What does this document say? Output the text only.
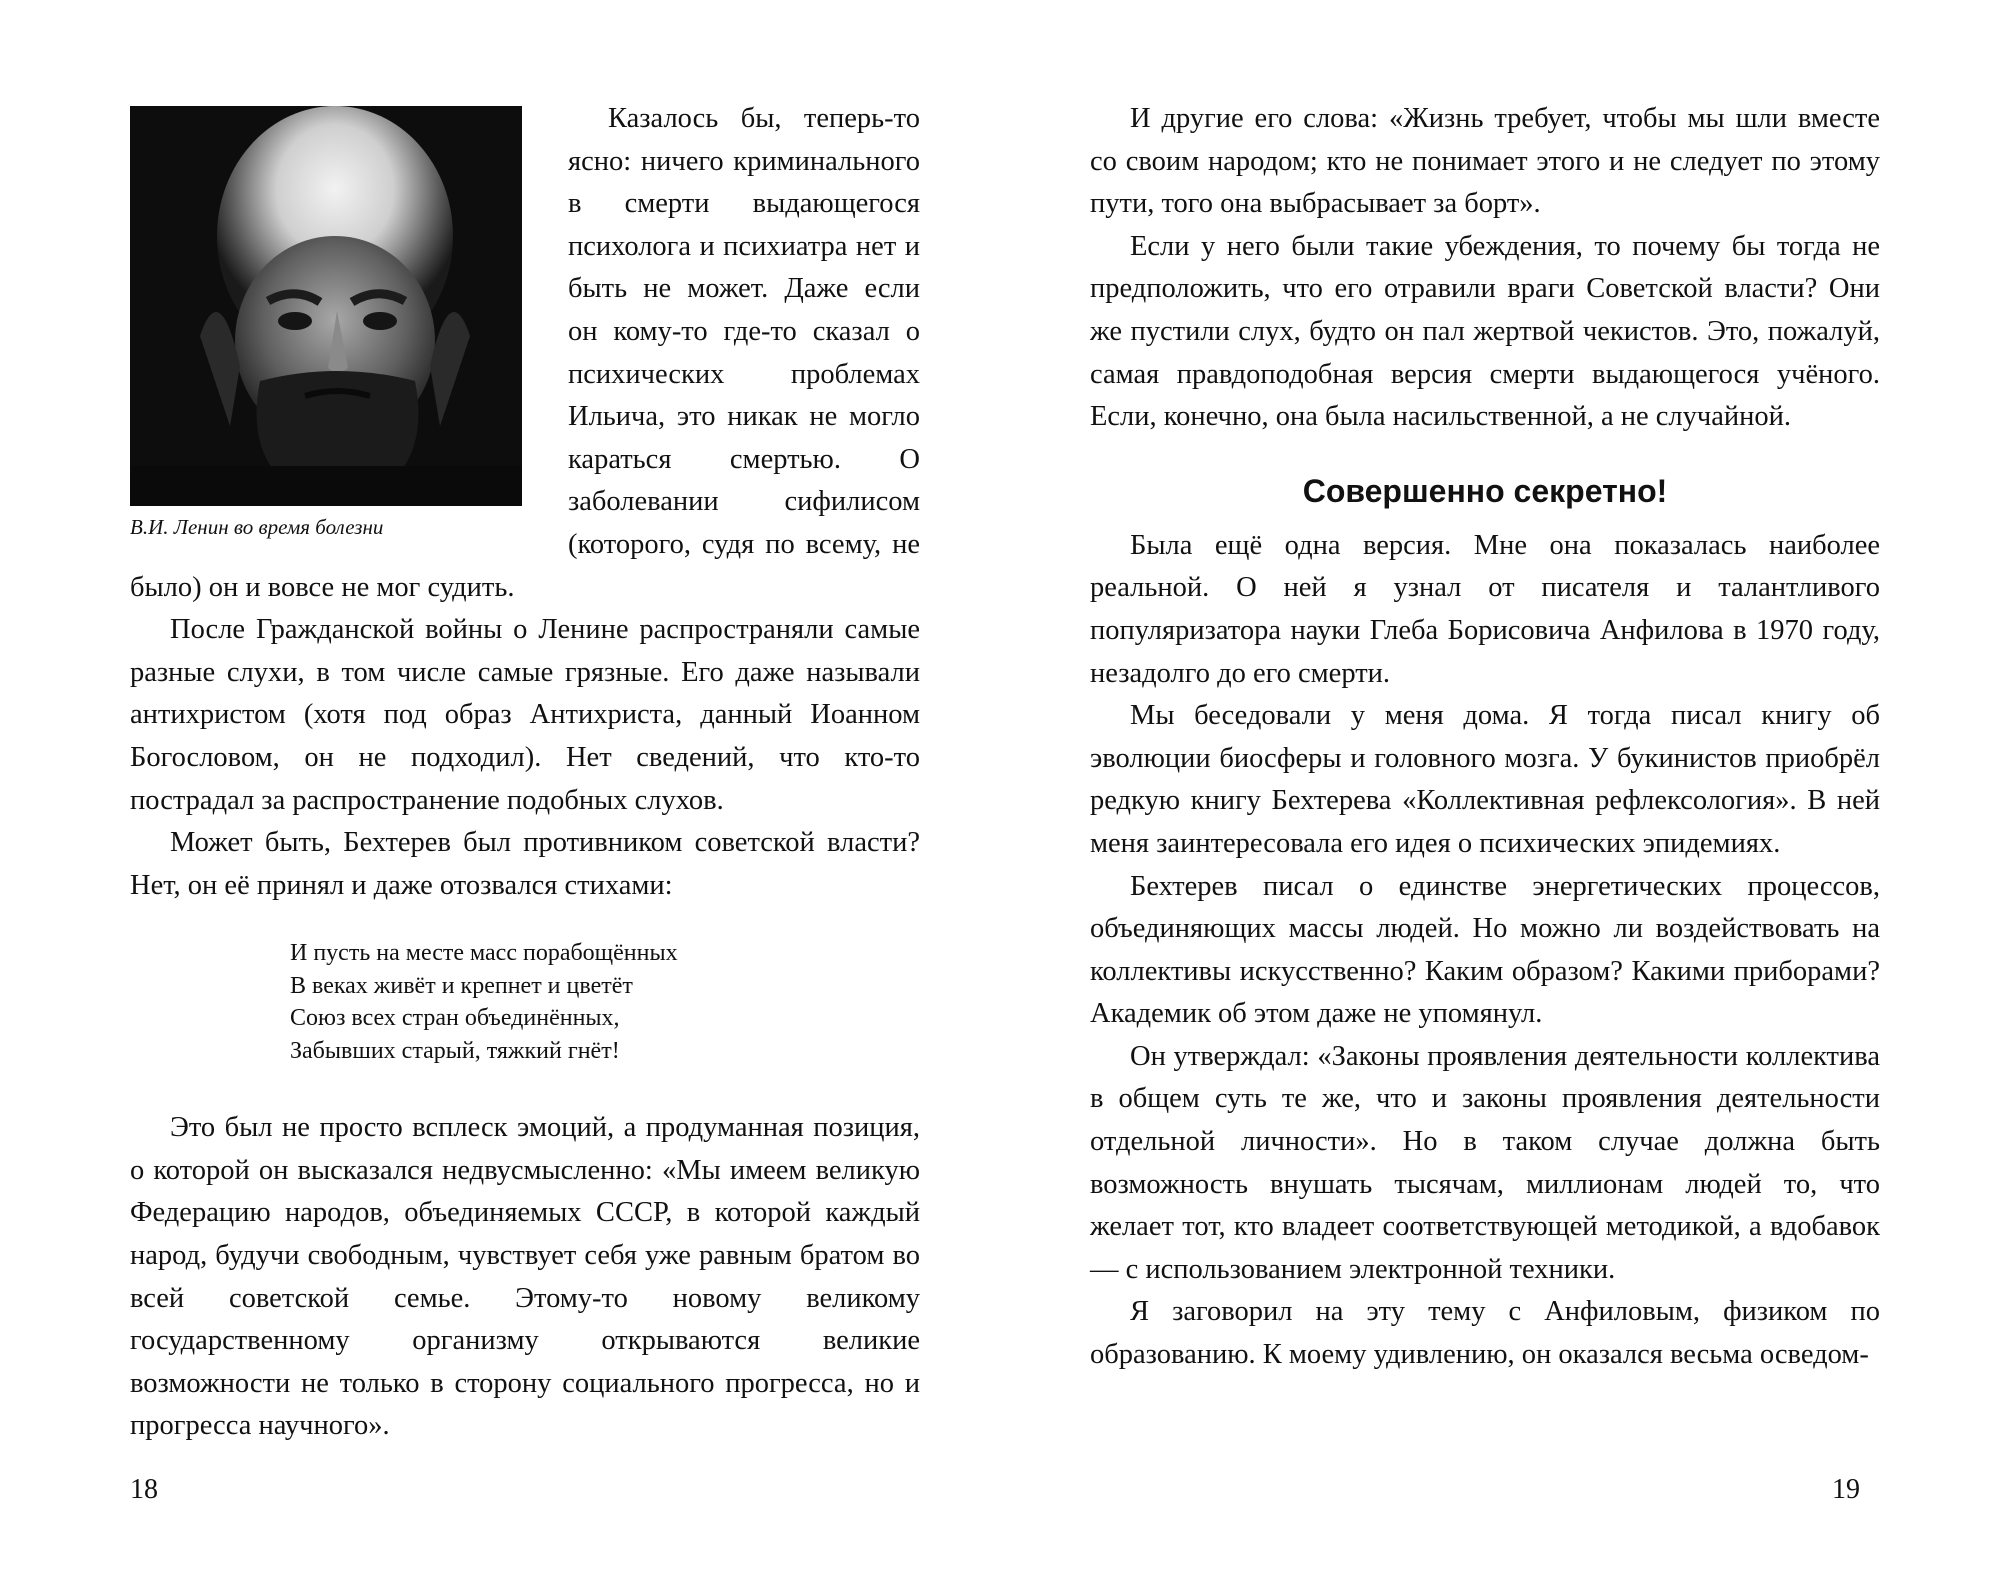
В.И. Ленин во время болезни

Казалось бы, теперь-то ясно: ничего криминального в смерти выдающегося психолога и психиатра нет и быть не может. Даже если он кому-то где-то сказал о психических проблемах Ильича, это никак не могло караться смертью. О заболевании сифилисом (которого, судя по всему, не было) он и вовсе не мог судить.

После Гражданской войны о Ленине распространяли самые разные слухи, в том числе самые грязные. Его даже называли антихристом (хотя под образ Антихриста, данный Иоанном Богословом, он не подходил). Нет сведений, что кто-то пострадал за распространение подобных слухов.

Может быть, Бехтерев был противником советской власти? Нет, он её принял и даже отозвался стихами:

И пусть на месте масс порабощённых
В веках живёт и крепнет и цветёт
Союз всех стран объединённых,
Забывших старый, тяжкий гнёт!

Это был не просто всплеск эмоций, а продуманная позиция, о которой он высказался недвусмысленно: «Мы имеем великую Федерацию народов, объединяемых СССР, в которой каждый народ, будучи свободным, чувствует себя уже равным братом во всей советской семье. Этому-то новому великому государственному организму открываются великие возможности не только в сторону социального прогресса, но и прогресса научного».

18

И другие его слова: «Жизнь требует, чтобы мы шли вместе со своим народом; кто не понимает этого и не следует по этому пути, того она выбрасывает за борт».

Если у него были такие убеждения, то почему бы тогда не предположить, что его отравили враги Советской власти? Они же пустили слух, будто он пал жертвой чекистов. Это, пожалуй, самая правдоподобная версия смерти выдающегося учёного. Если, конечно, она была насильственной, а не случайной.

Совершенно секретно!

Была ещё одна версия. Мне она показалась наиболее реальной. О ней я узнал от писателя и талантливого популяризатора науки Глеба Борисовича Анфилова в 1970 году, незадолго до его смерти.

Мы беседовали у меня дома. Я тогда писал книгу об эволюции биосферы и головного мозга. У букинистов приобрёл редкую книгу Бехтерева «Коллективная рефлексология». В ней меня заинтересовала его идея о психических эпидемиях.

Бехтерев писал о единстве энергетических процессов, объединяющих массы людей. Но можно ли воздействовать на коллективы искусственно? Каким образом? Какими приборами? Академик об этом даже не упомянул.

Он утверждал: «Законы проявления деятельности коллектива в общем суть те же, что и законы проявления деятельности отдельной личности». Но в таком случае должна быть возможность внушать тысячам, миллионам людей то, что желает тот, кто владеет соответствующей методикой, а вдобавок — с использованием электронной техники.

Я заговорил на эту тему с Анфиловым, физиком по образованию. К моему удивлению, он оказался весьма осведом-

19
